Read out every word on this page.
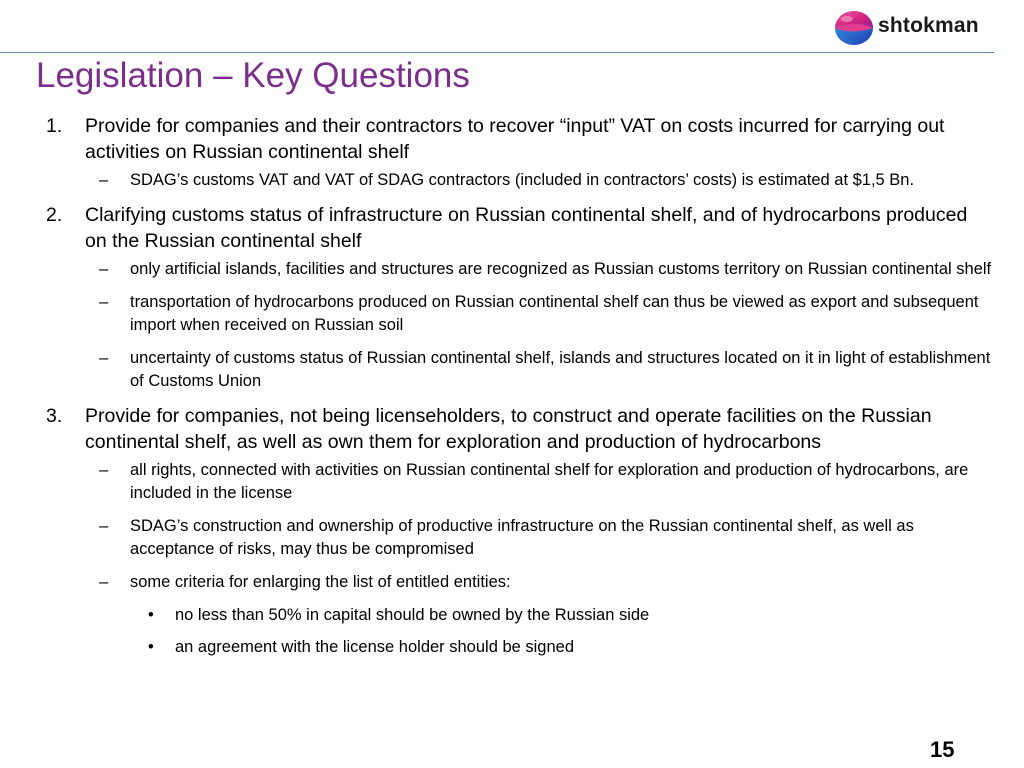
shtokman
Legislation – Key Questions
1. Provide for companies and their contractors to recover “input” VAT on costs incurred for carrying out activities on Russian continental shelf
– SDAG’s customs VAT and VAT of SDAG contractors (included in contractors’ costs) is estimated at $1,5 Bn.
2. Clarifying customs status of infrastructure on Russian continental shelf, and of hydrocarbons produced on the Russian continental shelf
– only artificial islands, facilities and structures are recognized as Russian customs territory on Russian continental shelf
– transportation of hydrocarbons produced on Russian continental shelf can thus be viewed as export and subsequent import when received on Russian soil
– uncertainty of customs status of Russian continental shelf, islands and structures located on it in light of establishment of Customs Union
3. Provide for companies, not being licenseholders, to construct and operate facilities on the Russian continental shelf, as well as own them for exploration and production of hydrocarbons
– all rights, connected with activities on Russian continental shelf for exploration and production of hydrocarbons, are included in the license
– SDAG’s construction and ownership of productive infrastructure on the Russian continental shelf, as well as acceptance of risks, may thus be compromised
– some criteria for enlarging the list of entitled entities:
• no less than 50% in capital should be owned by the Russian side
• an agreement with the license holder should be signed
15
